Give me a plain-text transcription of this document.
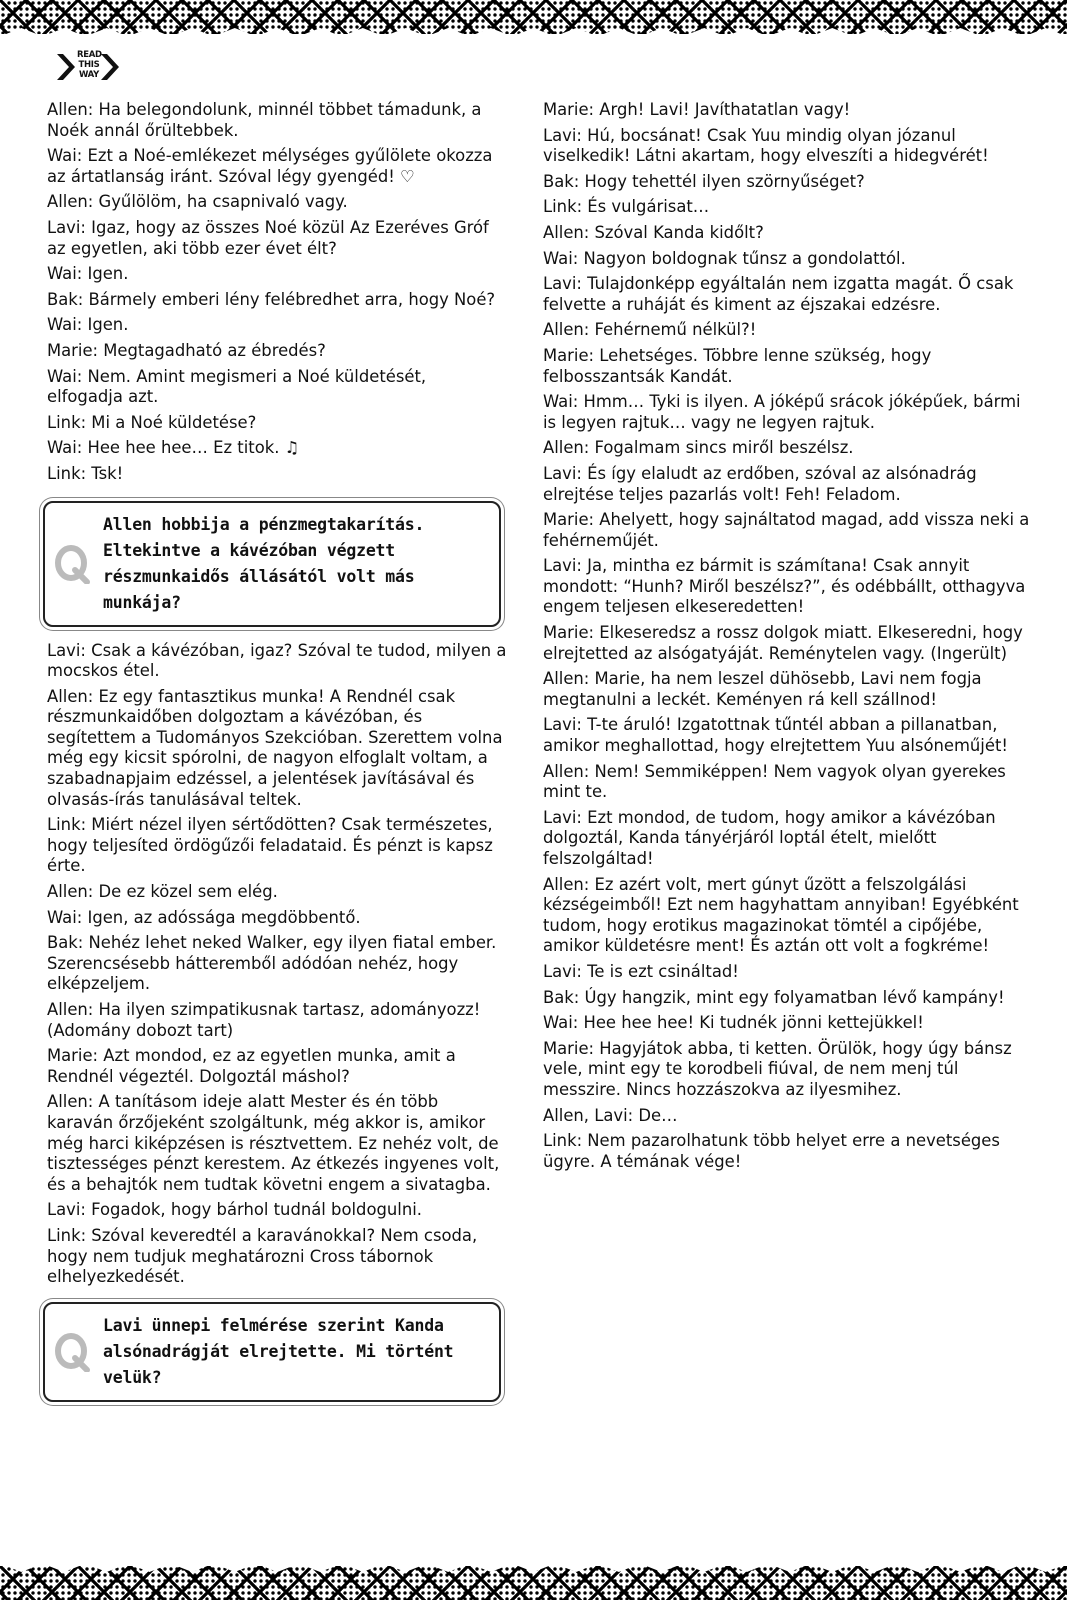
READ
THIS
WAY
Allen: Ha belegondolunk, minnél többet támadunk, a Noék annál őrültebbek.
Wai: Ezt a Noé-emlékezet mélységes gyűlölete okozza az ártatlanság iránt. Szóval légy gyengéd! ♡
Allen: Gyűlölöm, ha csapnivaló vagy.
Lavi: Igaz, hogy az összes Noé közül Az Ezeréves Gróf az egyetlen, aki több ezer évet élt?
Wai: Igen.
Bak: Bármely emberi lény felébredhet arra, hogy Noé?
Wai: Igen.
Marie: Megtagadható az ébredés?
Wai: Nem. Amint megismeri a Noé küldetését, elfogadja azt.
Link: Mi a Noé küldetése?
Wai: Hee hee hee… Ez titok. ♫
Link: Tsk!
Allen hobbija a pénzmegtakarítás. Eltekintve a kávézóban végzett részmunkaidős állásától volt más munkája?
Lavi: Csak a kávézóban, igaz? Szóval te tudod, milyen a mocskos étel.
Allen: Ez egy fantasztikus munka! A Rendnél csak részmunkaidőben dolgoztam a kávézóban, és segítettem a Tudományos Szekcióban. Szerettem volna még egy kicsit spórolni, de nagyon elfoglalt voltam, a szabadnapjaim edzéssel, a jelentések javításával és olvasás-írás tanulásával teltek.
Link: Miért nézel ilyen sértődötten? Csak természetes, hogy teljesíted ördögűzői feladataid. És pénzt is kapsz érte.
Allen: De ez közel sem elég.
Wai: Igen, az adóssága megdöbbentő.
Bak: Nehéz lehet neked Walker, egy ilyen fiatal ember. Szerencsésebb hátteremből adódóan nehéz, hogy elképzeljem.
Allen: Ha ilyen szimpatikusnak tartasz, adományozz! (Adomány dobozt tart)
Marie: Azt mondod, ez az egyetlen munka, amit a Rendnél végeztél. Dolgoztál máshol?
Allen: A tanításom ideje alatt Mester és én több karaván őrzőjeként szolgáltunk, még akkor is, amikor még harci kiképzésen is résztvettem. Ez nehéz volt, de tisztességes pénzt kerestem. Az étkezés ingyenes volt, és a behajtók nem tudtak követni engem a sivatagba.
Lavi: Fogadok, hogy bárhol tudnál boldogulni.
Link: Szóval keveredtél a karavánokkal? Nem csoda, hogy nem tudjuk meghatározni Cross tábornok elhelyezkedését.
Lavi ünnepi felmérése szerint Kanda alsónadrágját elrejtette. Mi történt velük?
Marie: Argh! Lavi! Javíthatatlan vagy!
Lavi: Hú, bocsánat! Csak Yuu mindig olyan józanul viselkedik! Látni akartam, hogy elveszíti a hidegvérét!
Bak: Hogy tehettél ilyen szörnyűséget?
Link: És vulgárisat…
Allen: Szóval Kanda kidőlt?
Wai: Nagyon boldognak tűnsz a gondolattól.
Lavi: Tulajdonképp egyáltalán nem izgatta magát. Ő csak felvette a ruháját és kiment az éjszakai edzésre.
Allen: Fehérnemű nélkül?!
Marie: Lehetséges. Többre lenne szükség, hogy felbosszantsák Kandát.
Wai: Hmm… Tyki is ilyen. A jóképű srácok jóképűek, bármi is legyen rajtuk… vagy ne legyen rajtuk.
Allen: Fogalmam sincs miről beszélsz.
Lavi: És így elaludt az erdőben, szóval az alsónadrág elrejtése teljes pazarlás volt! Feh! Feladom.
Marie: Ahelyett, hogy sajnáltatod magad, add vissza neki a fehérneműjét.
Lavi: Ja, mintha ez bármit is számítana! Csak annyit mondott: “Hunh? Miről beszélsz?”, és odébbállt, otthagyva engem teljesen elkeseredetten!
Marie: Elkeseredsz a rossz dolgok miatt. Elkeseredni, hogy elrejtetted az alsógatyáját. Reménytelen vagy. (Ingerült)
Allen: Marie, ha nem leszel dühösebb, Lavi nem fogja megtanulni a leckét. Keményen rá kell szállnod!
Lavi: T-te áruló! Izgatottnak tűntél abban a pillanatban, amikor meghallottad, hogy elrejtettem Yuu alsóneműjét!
Allen: Nem! Semmiképpen! Nem vagyok olyan gyerekes mint te.
Lavi: Ezt mondod, de tudom, hogy amikor a kávézóban dolgoztál, Kanda tányérjáról loptál ételt, mielőtt felszolgáltad!
Allen: Ez azért volt, mert gúnyt űzött a felszolgálási kézségeimből! Ezt nem hagyhattam annyiban! Egyébként tudom, hogy erotikus magazinokat tömtél a cipőjébe, amikor küldetésre ment! És aztán ott volt a fogkréme!
Lavi: Te is ezt csináltad!
Bak: Úgy hangzik, mint egy folyamatban lévő kampány!
Wai: Hee hee hee! Ki tudnék jönni kettejükkel!
Marie: Hagyjátok abba, ti ketten. Örülök, hogy úgy bánsz vele, mint egy te korodbeli fiúval, de nem menj túl messzire. Nincs hozzászokva az ilyesmihez.
Allen, Lavi: De…
Link: Nem pazarolhatunk több helyet erre a nevetséges ügyre. A témának vége!
